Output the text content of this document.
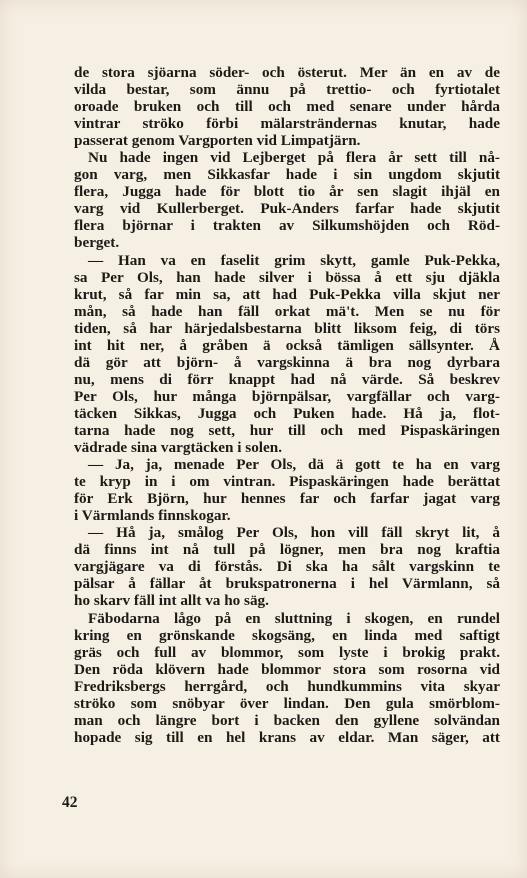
de stora sjöarna söder- och österut. Mer än en av de
vilda bestar, som ännu på trettio- och fyrtiotalet
oroade bruken och till och med senare under hårda
vintrar ströko förbi mälarsträndernas knutar, hade
passerat genom Vargporten vid Limpatjärn.
Nu hade ingen vid Lejberget på flera år sett till nå-
gon varg, men Sikkasfar hade i sin ungdom skjutit
flera, Jugga hade för blott tio år sen slagit ihjäl en
varg vid Kullerberget. Puk-Anders farfar hade skjutit
flera björnar i trakten av Silkumshöjden och Röd-
berget.
— Han va en faselit grim skytt, gamle Puk-Pekka,
sa Per Ols, han hade silver i bössa å ett sju djäkla
krut, så far min sa, att had Puk-Pekka villa skjut ner
mån, så hade han fäll orkat mä't. Men se nu för
tiden, så har härjedalsbestarna blitt liksom feig, di törs
int hit ner, å gråben ä också tämligen sällsynter. Å
dä gör att björn- å vargskinna ä bra nog dyrbara
nu, mens di förr knappt had nå värde. Så beskrev
Per Ols, hur många björnpälsar, vargfällar och varg-
täcken Sikkas, Jugga och Puken hade. Hå ja, flot-
tarna hade nog sett, hur till och med Pispaskäringen
vädrade sina vargtäcken i solen.
— Ja, ja, menade Per Ols, dä ä gott te ha en varg
te kryp in i om vintran. Pispaskäringen hade berättat
för Erk Björn, hur hennes far och farfar jagat varg
i Värmlands finnskogar.
— Hå ja, smålog Per Ols, hon vill fäll skryt lit, å
dä finns int nå tull på lögner, men bra nog kraftia
vargjägare va di förstås. Di ska ha sålt vargskinn te
pälsar å fällar åt brukspatronerna i hel Värmlann, så
ho skarv fäll int allt va ho säg.
Fäbodarna lågo på en sluttning i skogen, en rundel
kring en grönskande skogsäng, en linda med saftigt
gräs och full av blommor, som lyste i brokig prakt.
Den röda klövern hade blommor stora som rosorna vid
Fredriksbergs herrgård, och hundkummins vita skyar
ströko som snöbyar över lindan. Den gula smörblom-
man och längre bort i backen den gyllene solvändan
hopade sig till en hel krans av eldar. Man säger, att
42
